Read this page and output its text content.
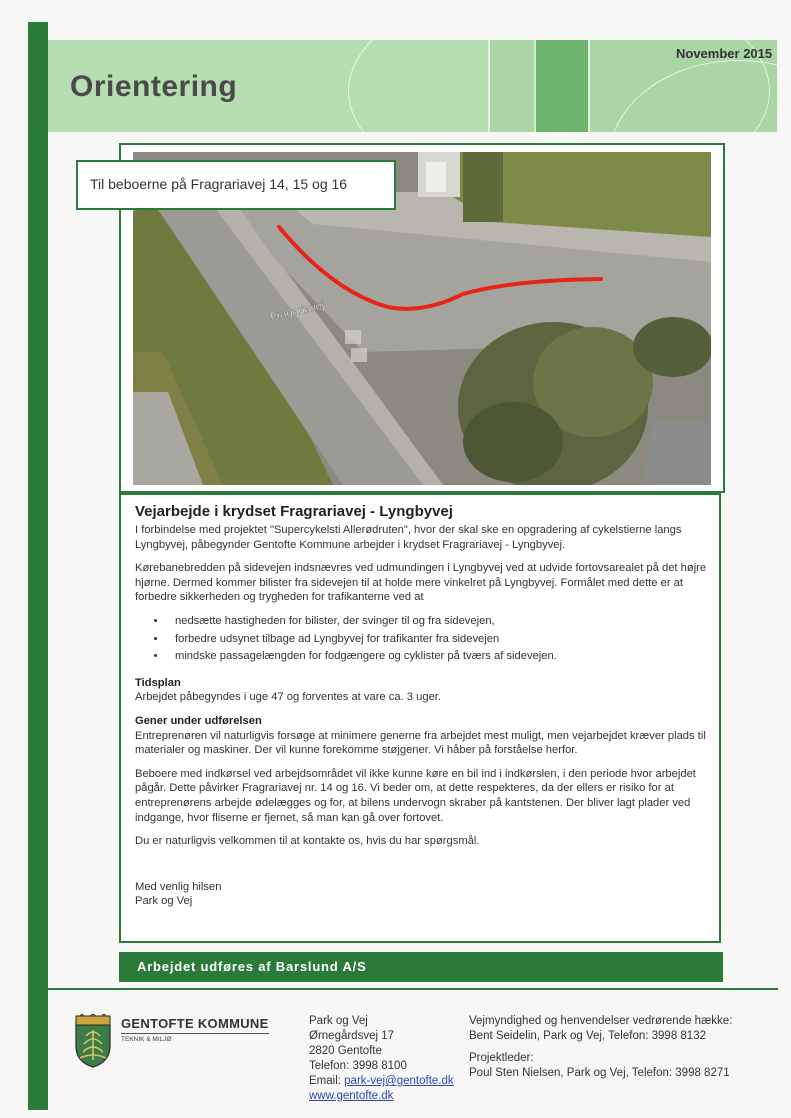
Orientering
November 2015
Fragariavej
Til beboerne på Fragrariavej 14, 15 og 16
Vejarbejde i krydset Fragrariavej - Lyngbyvej

I forbindelse med projektet "Supercykelsti Allerødruten", hvor der skal ske en opgradering af cykelstierne langs Lyngbyvej, påbegynder Gentofte Kommune arbejder i krydset Fragrariavej - Lyngbyvej.

Kørebanebredden på sidevejen indsnævres ved udmundingen i Lyngbyvej ved at udvide fortovsarealet på det højre hjørne. Dermed kommer bilister fra sidevejen til at holde mere vinkelret på Lyngbyvej. Formålet med dette er at forbedre sikkerheden og trygheden for trafikanterne ved at

• nedsætte hastigheden for bilister, der svinger til og fra sidevejen,
• forbedre udsynet tilbage ad Lyngbyvej for trafikanter fra sidevejen
• mindske passagelængden for fodgængere og cyklister på tværs af sidevejen.
Tidsplan

Arbejdet påbegyndes i uge 47 og forventes at vare ca. 3 uger.

Gener under udførelsen

Entreprenøren vil naturligvis forsøge at minimere generne fra arbejdet mest muligt, men vejarbejdet kræver plads til materialer og maskiner. Der vil kunne forekomme støjgener. Vi håber på forståelse herfor.

Beboere med indkørsel ved arbejdsområdet vil ikke kunne køre en bil ind i indkørslen, i den periode hvor arbejdet pågår. Dette påvirker Fragrariavej nr. 14 og 16. Vi beder om, at dette respekteres, da der ellers er risiko for at entreprenørens arbejde ødelægges og for, at bilens undervogn skraber på kantstenen. Der bliver lagt plader ved indgange, hvor fliserne er fjernet, så man kan gå over fortovet.

Du er naturligvis velkommen til at kontakte os, hvis du har spørgsmål.

Med venlig hilsen
Park og Vej
Arbejdet udføres af Barslund A/S
GENTOFTE KOMMUNE
TEKNIK & MILJØ
Park og Vej
Ørnegårdsvej 17
2820 Gentofte
Telefon: 3998 8100
Email: park-vej@gentofte.dk
www.gentofte.dk
Vejmyndighed og henvendelser vedrørende hække:
Bent Seidelin, Park og Vej, Telefon: 3998 8132
Projektleder:
Poul Sten Nielsen, Park og Vej, Telefon: 3998 8271
